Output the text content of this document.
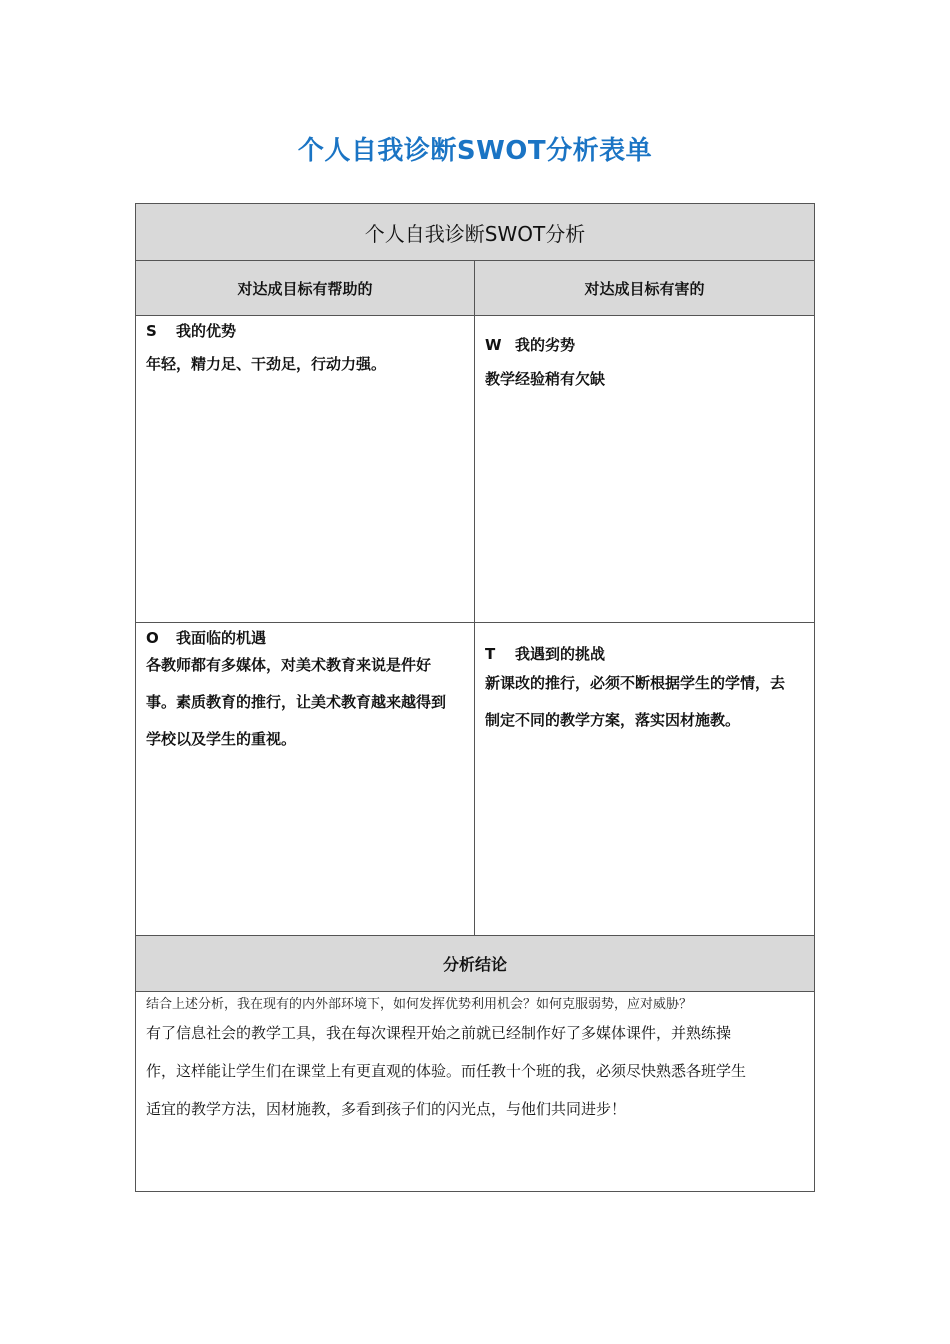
个人自我诊断SWOT分析表单
个人自我诊断SWOT分析
对达成目标有帮助的	对达成目标有害的
S 我的优势
年轻，精力足、干劲足，行动力强。
W 我的劣势
教学经验稍有欠缺
O 我面临的机遇
各教师都有多媒体，对美术教育来说是件好
事。素质教育的推行，让美术教育越来越得到
学校以及学生的重视。
T 我遇到的挑战
新课改的推行，必须不断根据学生的学情，去
制定不同的教学方案，落实因材施教。
分析结论
结合上述分析，我在现有的内外部环境下，如何发挥优势利用机会？如何克服弱势，应对威胁？
有了信息社会的教学工具，我在每次课程开始之前就已经制作好了多媒体课件，并熟练操
作，这样能让学生们在课堂上有更直观的体验。而任教十个班的我，必须尽快熟悉各班学生
适宜的教学方法，因材施教，多看到孩子们的闪光点，与他们共同进步！
